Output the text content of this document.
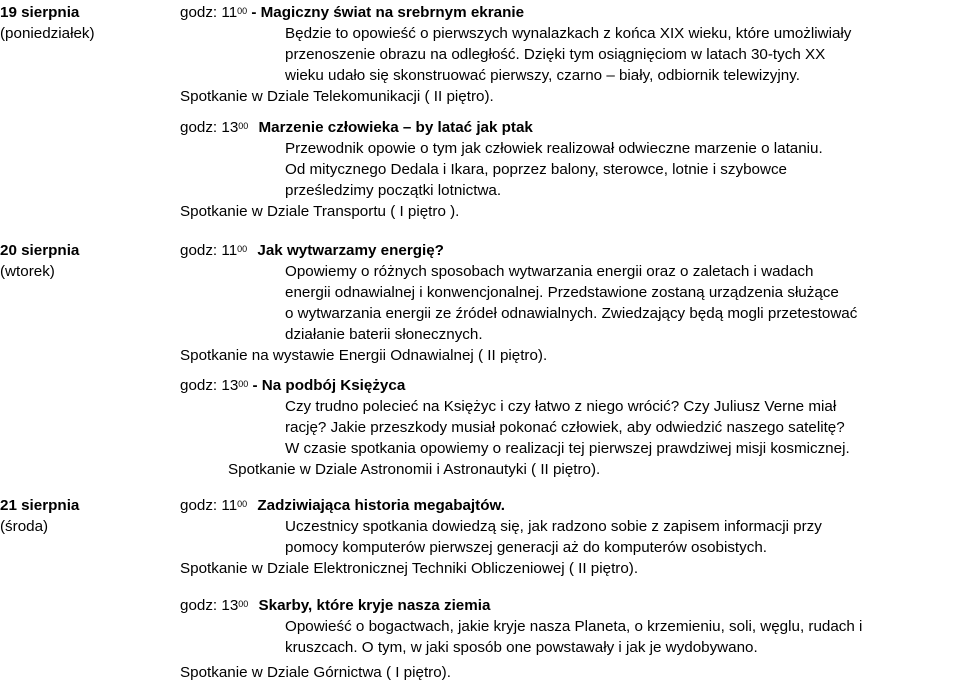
19 sierpnia
(poniedziałek)
godz: $11^{00}$ - Magiczny świat na srebrnym ekranie
Będzie to opowieść o pierwszych wynalazkach z końca XIX wieku, które umożliwiały
przenoszenie obrazu na odległość. Dzięki tym osiągnięciom w latach 30-tych XX
wieku udało się skonstruować pierwszy, czarno – biały, odbiornik telewizyjny.
Spotkanie w Dziale Telekomunikacji ( II piętro).
godz: $13^{00}$ Marzenie człowieka – by latać jak ptak
Przewodnik opowie o tym jak człowiek realizował odwieczne marzenie o lataniu.
Od mitycznego Dedala i Ikara, poprzez balony, sterowce, lotnie i szybowce
prześledzimy początki lotnictwa.
Spotkanie w Dziale Transportu ( I piętro ).
20 sierpnia
(wtorek)
godz: $11^{00}$ Jak wytwarzamy energię?
Opowiemy o różnych sposobach wytwarzania energii oraz o zaletach i wadach
energii odnawialnej i konwencjonalnej. Przedstawione zostaną urządzenia służące
o wytwarzania energii ze źródeł odnawialnych. Zwiedzający będą mogli przetestować
działanie baterii słonecznych.
Spotkanie na wystawie Energii Odnawialnej ( II piętro).
godz: $13^{00}$ - Na podbój Księżyca
Czy trudno polecieć na Księżyc i czy łatwo z niego wrócić? Czy Juliusz Verne miał
rację? Jakie przeszkody musiał pokonać człowiek, aby odwiedzić naszego satelitę?
W czasie spotkania opowiemy o realizacji tej pierwszej prawdziwej misji kosmicznej.
Spotkanie w Dziale Astronomii i Astronautyki ( II piętro).
21 sierpnia
(środa)
godz: $11^{00}$ Zadziwiająca historia megabajtów.
Uczestnicy spotkania dowiedzą się, jak radzono sobie z zapisem informacji przy
pomocy komputerów pierwszej generacji aż do komputerów osobistych.
Spotkanie w Dziale Elektronicznej Techniki Obliczeniowej ( II piętro).
godz: $13^{00}$ Skarby, które kryje nasza ziemia
Opowieść o bogactwach, jakie kryje nasza Planeta, o krzemieniu, soli, węglu, rudach i
kruszcach. O tym, w jaki sposób one powstawały i jak je wydobywano.
Spotkanie w Dziale Górnictwa ( I piętro).
